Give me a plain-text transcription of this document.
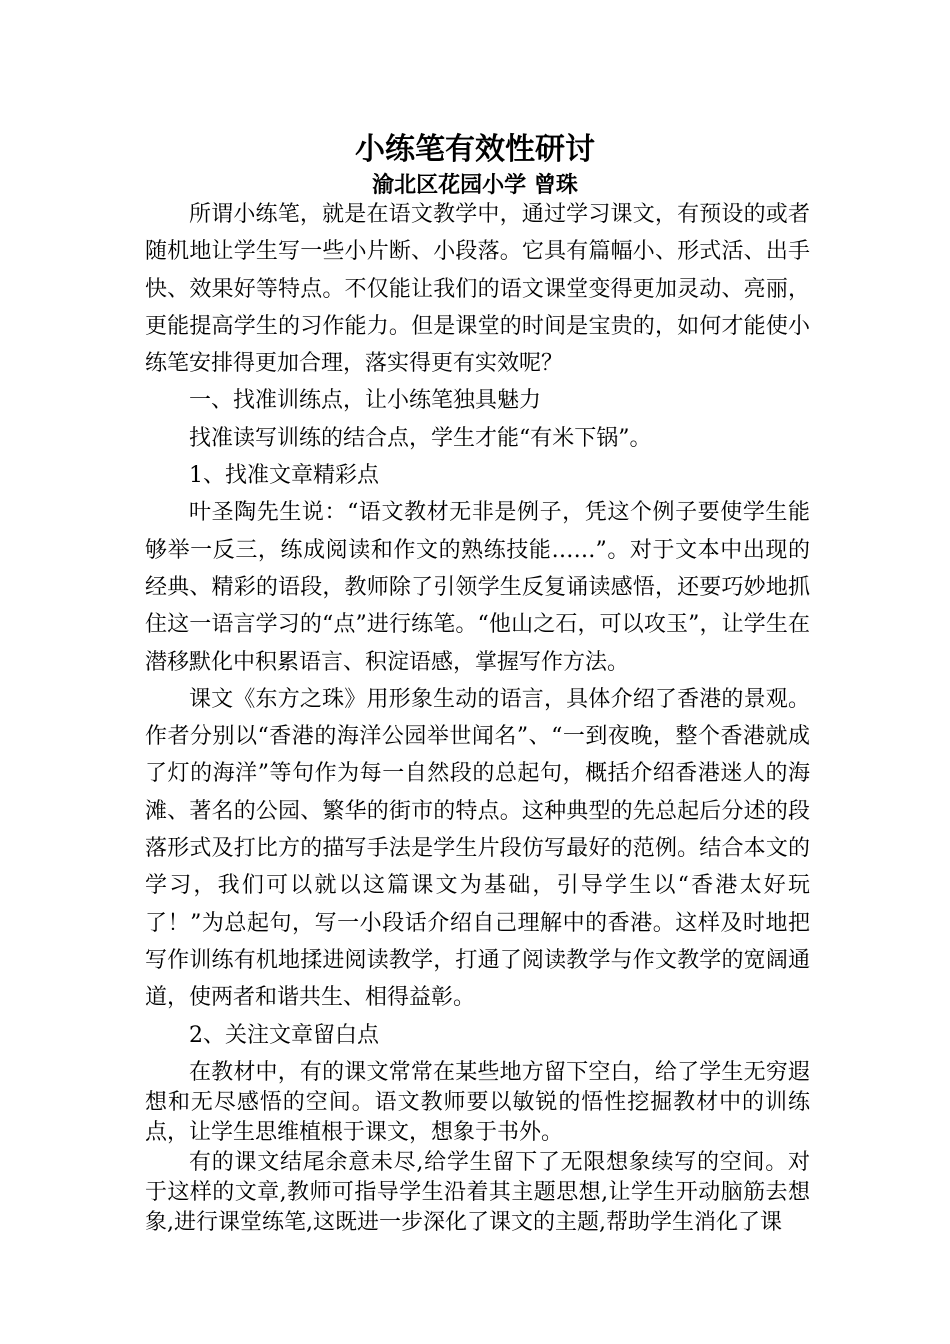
小练笔有效性研讨
渝北区花园小学 曾珠

所谓小练笔，就是在语文教学中，通过学习课文，有预设的或者随机地让学生写一些小片断、小段落。它具有篇幅小、形式活、出手快、效果好等特点。不仅能让我们的语文课堂变得更加灵动、亮丽，更能提高学生的习作能力。但是课堂的时间是宝贵的，如何才能使小练笔安排得更加合理，落实得更有实效呢？

一、找准训练点，让小练笔独具魅力

找准读写训练的结合点，学生才能“有米下锅”。

1、找准文章精彩点

叶圣陶先生说：“语文教材无非是例子，凭这个例子要使学生能够举一反三，练成阅读和作文的熟练技能……”。对于文本中出现的经典、精彩的语段，教师除了引领学生反复诵读感悟，还要巧妙地抓住这一语言学习的“点”进行练笔。“他山之石，可以攻玉”，让学生在潜移默化中积累语言、积淀语感，掌握写作方法。

课文《东方之珠》用形象生动的语言，具体介绍了香港的景观。作者分别以“香港的海洋公园举世闻名”、“一到夜晚，整个香港就成了灯的海洋”等句作为每一自然段的总起句，概括介绍香港迷人的海滩、著名的公园、繁华的街市的特点。这种典型的先总起后分述的段落形式及打比方的描写手法是学生片段仿写最好的范例。结合本文的学习，我们可以就以这篇课文为基础，引导学生以“香港太好玩了！”为总起句，写一小段话介绍自己理解中的香港。这样及时地把写作训练有机地揉进阅读教学，打通了阅读教学与作文教学的宽阔通道，使两者和谐共生、相得益彰。

2、关注文章留白点

在教材中，有的课文常常在某些地方留下空白，给了学生无穷遐想和无尽感悟的空间。语文教师要以敏锐的悟性挖掘教材中的训练点，让学生思维植根于课文，想象于书外。

有的课文结尾余意未尽,给学生留下了无限想象续写的空间。对于这样的文章,教师可指导学生沿着其主题思想,让学生开动脑筋去想象,进行课堂练笔,这既进一步深化了课文的主题,帮助学生消化了课
